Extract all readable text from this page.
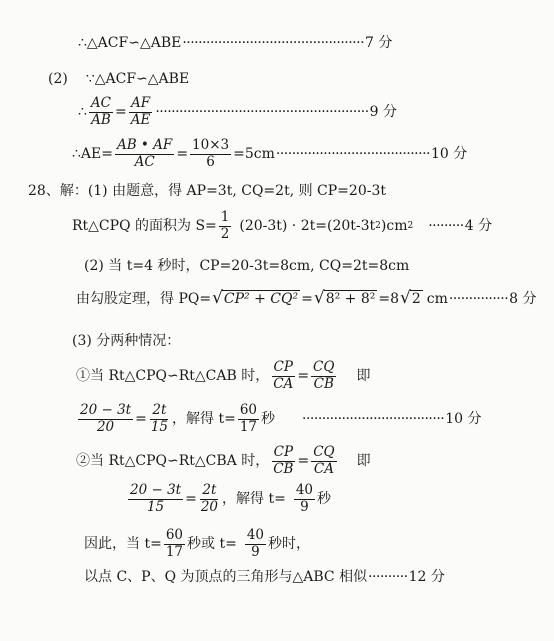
∴△ACF∽△ABE ·············································· 7 分
(2) ∵△ACF∽△ABE
∴ $\frac{AC}{AB} = \frac{AF}{AE}$ ······················································ 9 分
∴AE= $\frac{AB • AF}{AC} = \frac{10\times 3}{6} =5cm$ ······································· 10 分
28、解：(1) 由题意，得 AP=3t, CQ=2t, 则 CP=20-3t
Rt△CPQ 的面积为 $S= \frac{1}{2} (20-3t) \cdot 2t=(20t-3t$ 2 )cm 2 ········· 4 分
(2) 当 t=4 秒时，CP=20-3t=8cm, CQ=2t=8cm
由勾股定理，得 PQ= √ CP² + CQ² = √ 8² + 8² =8 √ 2 cm ··············· 8 分
(3) 分两种情况：
①当 Rt△CPQ∽Rt△CAB 时， $\frac{CP}{CA} = \frac{CQ}{CB}$ 即
$\frac{20 - 3t}{20} = \frac{2t}{15}$ ，解得 $t= \frac{60}{17}$ 秒 ···································· 10 分
②当 Rt△CPQ∽Rt△CBA 时， $\frac{CP}{CB} = \frac{CQ}{CA}$ 即
$\frac{20 - 3t}{15} = \frac{2t}{20}$ ，解得 $t= \frac{40}{9}$ 秒
因此，当 $t= \frac{60}{17}$ 秒或 $t= \frac{40}{9}$ 秒时，
以点 C、P、Q 为顶点的三角形与△ABC 相似 ·········· 12 分
